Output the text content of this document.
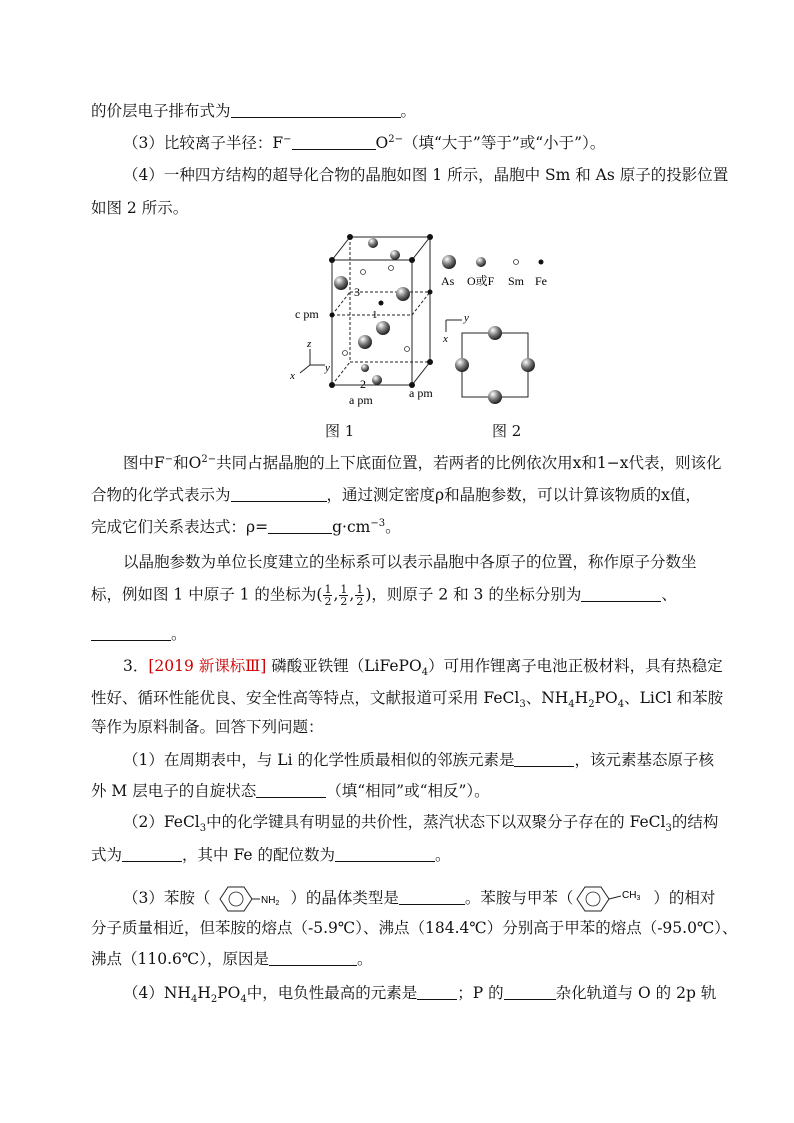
的价层电子排布式为	。
（3）比较离子半径：F−	$O^{2-}$（填“大于”等于”或“小于”）。
（4）一种四方结构的超导化合物的晶胞如图 1 所示，晶胞中 Sm 和 As 原子的投影位置
如图 2 所示。
z
y
x
3
1
2
c pm
a pm	a pm
As O或F Sm Fe
y
x
图 1	图 2
图中F−和$O^{2-}$共同占据晶胞的上下底面位置，若两者的比例依次用x和1−x代表，则该化
合物的化学式表示为	，通过测定密度ρ和晶胞参数，可以计算该物质的x值，
完成它们关系表达式：ρ=	$g\cdot cm^{-3}$。
以晶胞参数为单位长度建立的坐标系可以表示晶胞中各原子的位置，称作原子分数坐
标，例如图 1 中原子 1 的坐标为( $\frac{1}{2}$ , $\frac{1}{2}$ , $\frac{1}{2}$ )，则原子 2 和 3 的坐标分别为	、
。
3．[2019 新课标Ⅲ] 磷酸亚铁锂（LiFePO$_4$）可用作锂离子电池正极材料，具有热稳定
性好、循环性能优良、安全性高等特点，文献报道可采用 FeCl$_3$、$NH_4H_2PO_4$、LiCl 和苯胺
等作为原料制备。回答下列问题：
（1）在周期表中，与 Li 的化学性质最相似的邻族元素是	，该元素基态原子核
外 M 层电子的自旋状态	（填“相同”或“相反”）。
（2）FeCl$_3$中的化学键具有明显的共价性，蒸汽状态下以双聚分子存在的 FeCl$_3$的结构
式为	，其中 Fe 的配位数为	。
（3）苯胺（	$NH_2$ ）的晶体类型是	。苯胺与甲苯（	$CH_3$ ）的相对
分子质量相近，但苯胺的熔点（-5.9℃）、沸点（184.4℃）分别高于甲苯的熔点（-95.0℃）、
沸点（110.6℃），原因是	。
$(4)NH_4H_2PO_4$中，电负性最高的元素是	；P 的	杂化轨道与 O 的 2p 轨
